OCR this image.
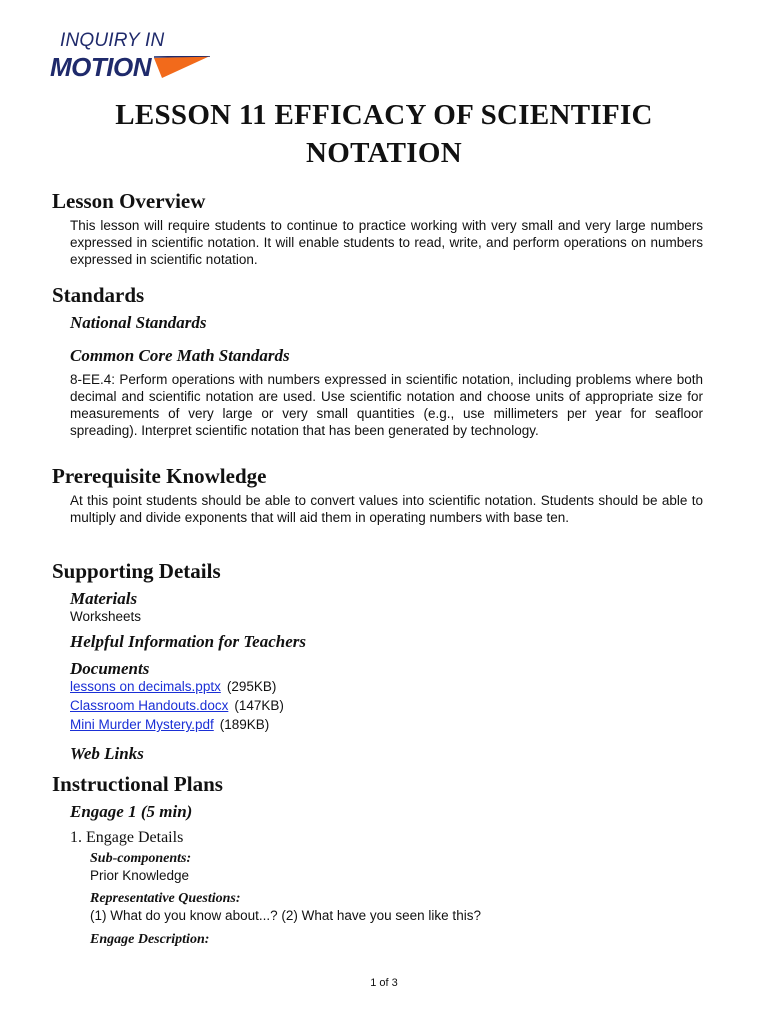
INQUIRY IN
MOTION
LESSON 11 EFFICACY OF SCIENTIFIC
NOTATION
Lesson Overview

This lesson will require students to continue to practice working with very small and very large numbers expressed in scientific notation. It will enable students to read, write, and perform operations on numbers expressed in scientific notation.

Standards
National Standards
Common Core Math Standards

8-EE.4: Perform operations with numbers expressed in scientific notation, including problems where both decimal and scientific notation are used. Use scientific notation and choose units of appropriate size for measurements of very large or very small quantities (e.g., use millimeters per year for seafloor spreading). Interpret scientific notation that has been generated by technology.

Prerequisite Knowledge

At this point students should be able to convert values into scientific notation. Students should be able to multiply and divide exponents that will aid them in operating numbers with base ten.

Supporting Details
Materials

Worksheets

Helpful Information for Teachers
Documents
lessons on decimals.pptx (295KB)
Classroom Handouts.docx (147KB)
Mini Murder Mystery.pdf (189KB)
Web Links
Instructional Plans
Engage 1 (5 min)

1. Engage Details

Sub-components:

Prior Knowledge

Representative Questions:

(1) What do you know about...? (2) What have you seen like this?

Engage Description:
1 of 3
